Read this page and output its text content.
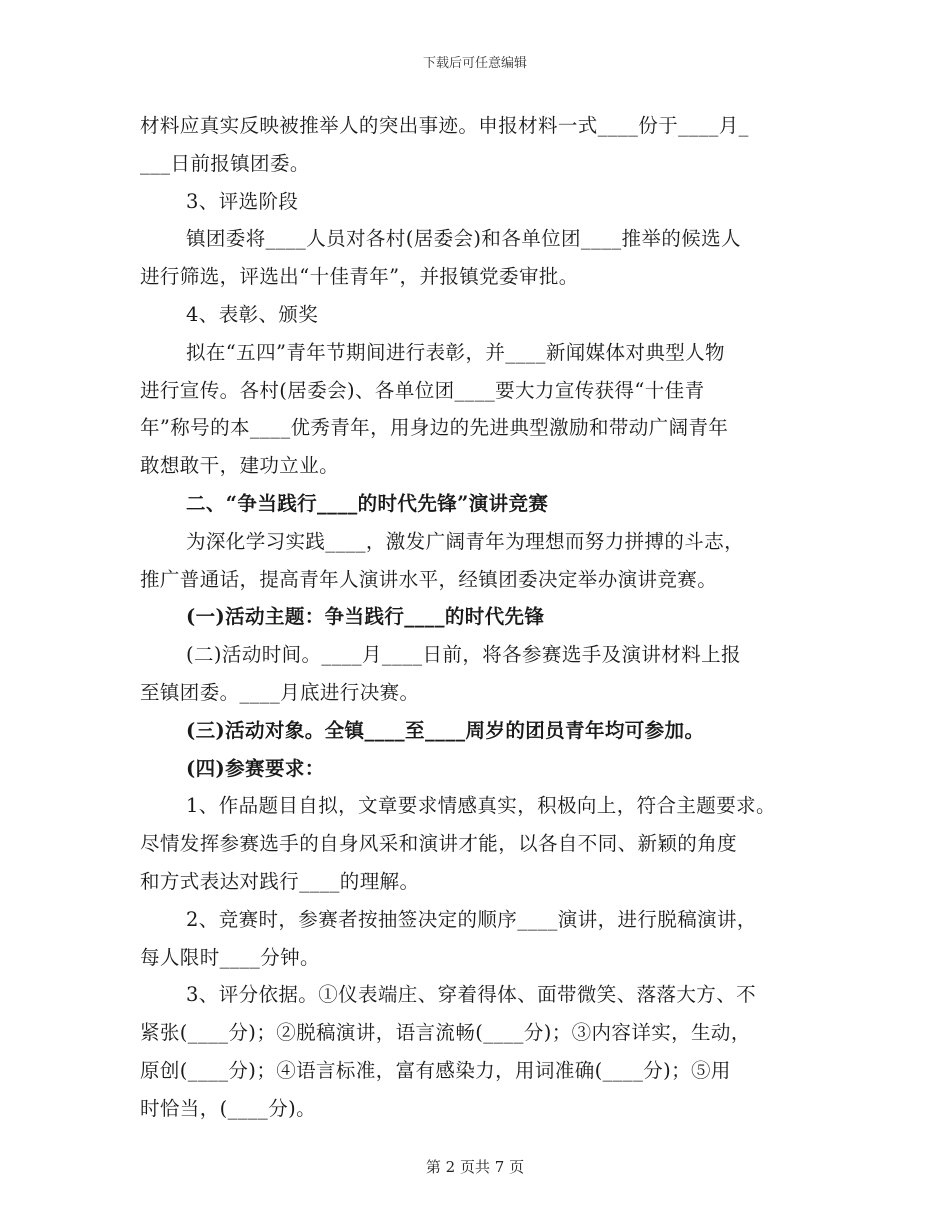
下载后可任意编辑
材料应真实反映被推举人的突出事迹。申报材料一式____份于____月_
___日前报镇团委。
3、评选阶段
镇团委将____人员对各村(居委会)和各单位团____推举的候选人
进行筛选，评选出“十佳青年”，并报镇党委审批。
4、表彰、颁奖
拟在“五四”青年节期间进行表彰，并____新闻媒体对典型人物
进行宣传。各村(居委会)、各单位团____要大力宣传获得“十佳青
年”称号的本____优秀青年，用身边的先进典型激励和带动广阔青年
敢想敢干，建功立业。
二、“争当践行____的时代先锋”演讲竞赛
为深化学习实践____，激发广阔青年为理想而努力拼搏的斗志，
推广普通话，提高青年人演讲水平，经镇团委决定举办演讲竞赛。
(一)活动主题：争当践行____的时代先锋
(二)活动时间。____月____日前，将各参赛选手及演讲材料上报
至镇团委。____月底进行决赛。
(三)活动对象。全镇____至____周岁的团员青年均可参加。
(四)参赛要求：
1、作品题目自拟，文章要求情感真实，积极向上，符合主题要求。
尽情发挥参赛选手的自身风采和演讲才能，以各自不同、新颖的角度
和方式表达对践行____的理解。
2、竞赛时，参赛者按抽签决定的顺序____演讲，进行脱稿演讲，
每人限时____分钟。
3、评分依据。①仪表端庄、穿着得体、面带微笑、落落大方、不
紧张(____分)；②脱稿演讲，语言流畅(____分)；③内容详实，生动，
原创(____分)；④语言标准，富有感染力，用词准确(____分)；⑤用
时恰当，(____分)。
第 2 页共 7 页
